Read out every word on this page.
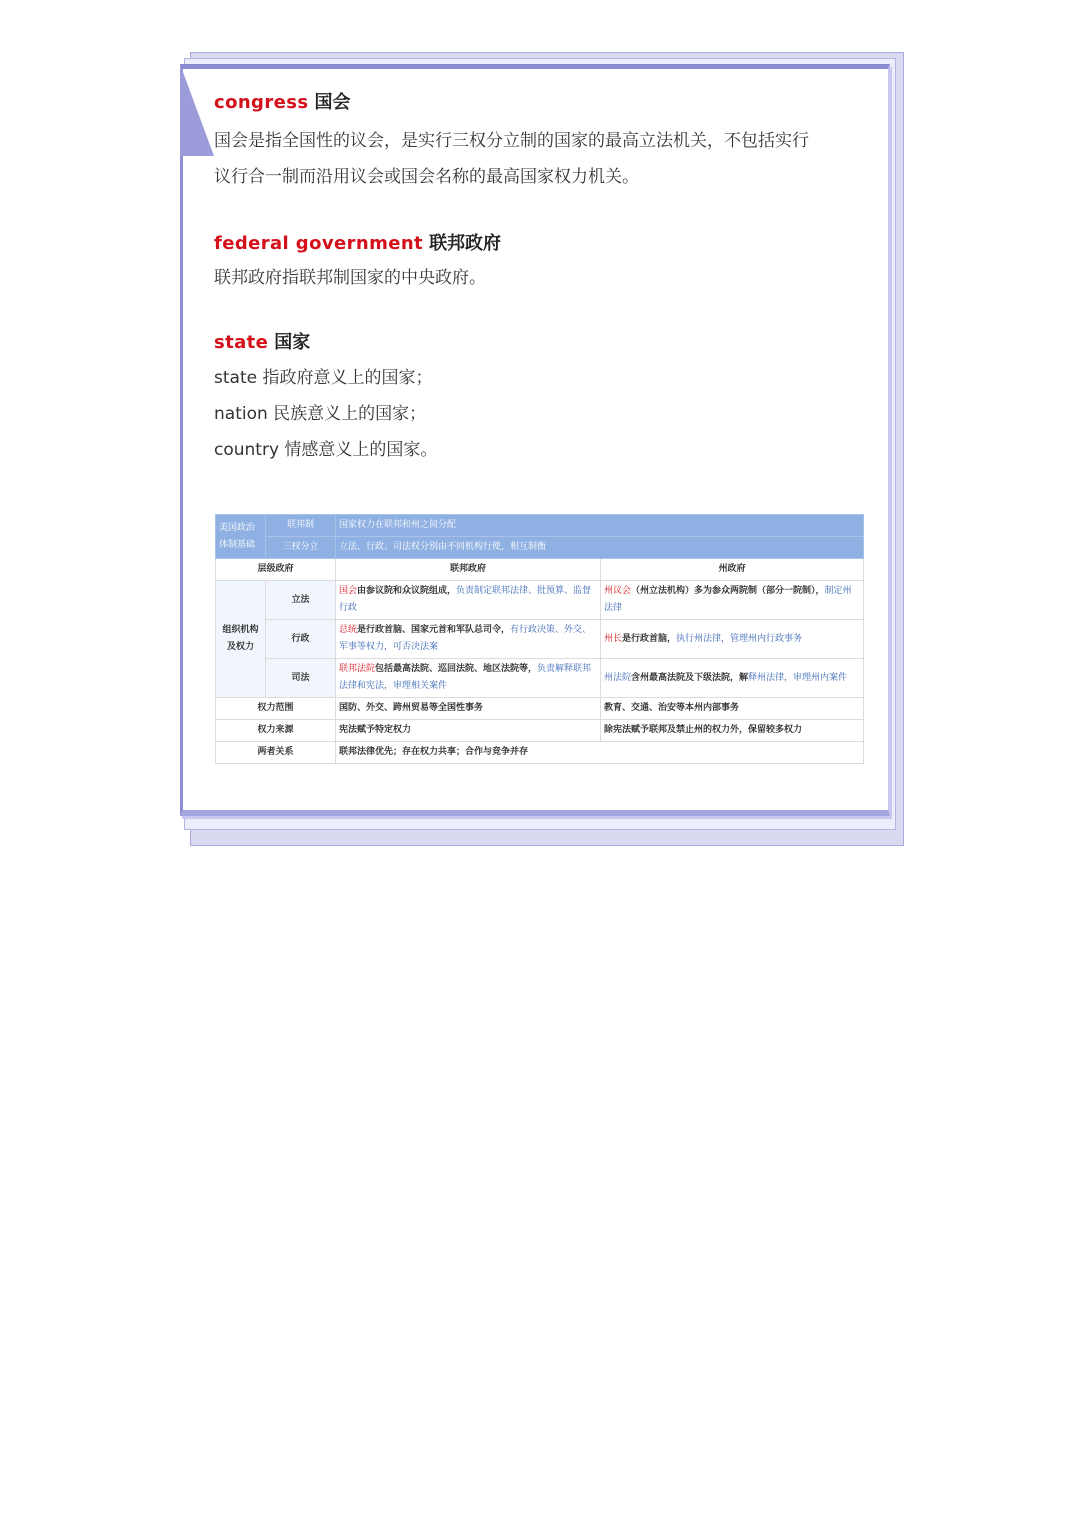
congress 国会

国会是指全国性的议会，是实行三权分立制的国家的最高立法机关，不包括实行

议行合一制而沿用议会或国会名称的最高国家权力机关。

federal government 联邦政府

联邦政府指联邦制国家的中央政府。

state 国家

state 指政府意义上的国家；

nation 民族意义上的国家；

country 情感意义上的国家。

美国政治体制基础	联邦制	国家权力在联邦和州之间分配	
	三权分立	立法、行政、司法权分别由不同机构行使，相互制衡	
层级政府		联邦政府	州政府
组织机构及权力	立法	国会由参议院和众议院组成，负责制定联邦法律、批预算、监督行政	州议会（州立法机构）多为参众两院制（部分一院制），制定州法律
	行政	总统是行政首脑、国家元首和军队总司令，有行政决策、外交、军事等权力，可否决法案	州长是行政首脑，执行州法律，管理州内行政事务
	司法	联邦法院包括最高法院、巡回法院、地区法院等，负责解释联邦法律和宪法，审理相关案件	州法院含州最高法院及下级法院，解释州法律，审理州内案件
权力范围		国防、外交、跨州贸易等全国性事务	教育、交通、治安等本州内部事务
权力来源		宪法赋予特定权力	除宪法赋予联邦及禁止州的权力外，保留较多权力
两者关系		联邦法律优先；存在权力共享；合作与竞争并存	
